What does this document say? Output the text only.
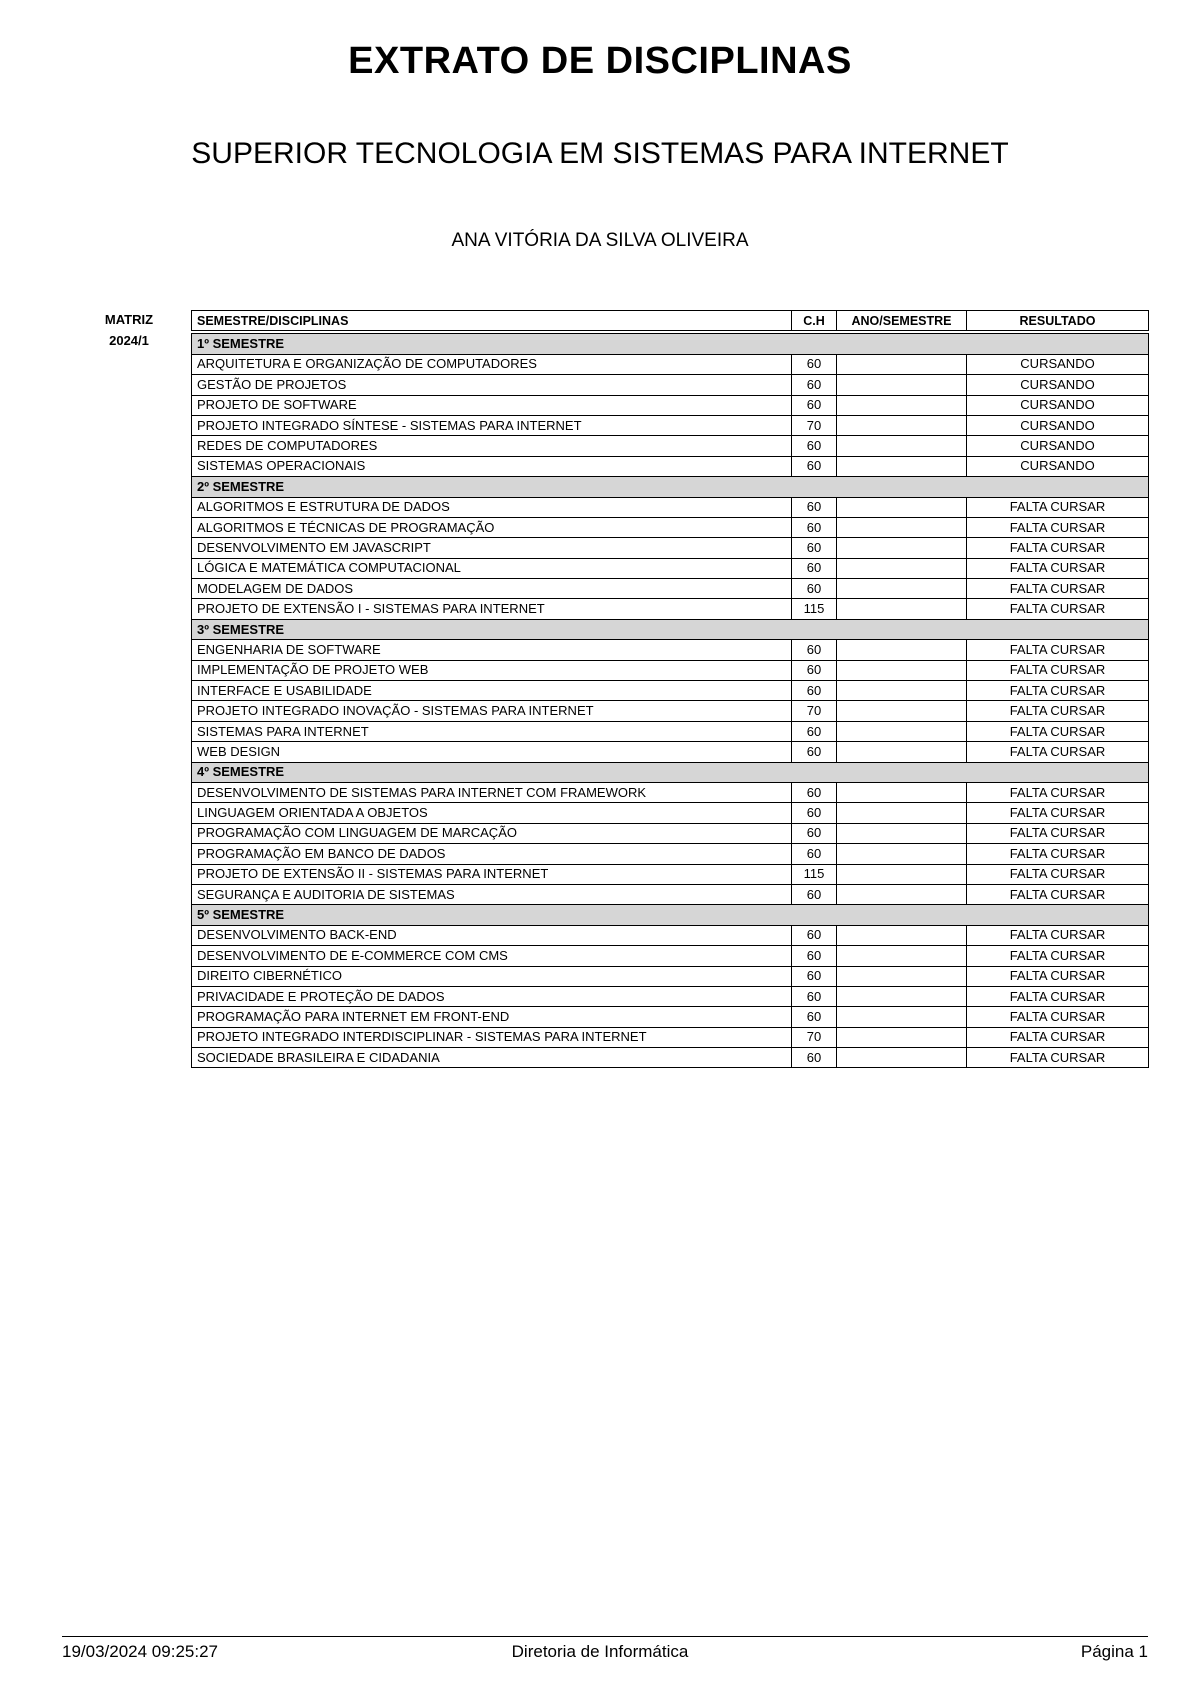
EXTRATO DE DISCIPLINAS
SUPERIOR TECNOLOGIA EM SISTEMAS PARA INTERNET
ANA VITÓRIA DA SILVA OLIVEIRA
MATRIZ
2024/1
SEMESTRE/DISCIPLINAS	C.H	ANO/SEMESTRE	RESULTADO

1º SEMESTRE			
ARQUITETURA E ORGANIZAÇÃO DE COMPUTADORES	60		CURSANDO
GESTÃO DE PROJETOS	60		CURSANDO
PROJETO DE SOFTWARE	60		CURSANDO
PROJETO INTEGRADO SÍNTESE - SISTEMAS PARA INTERNET	70		CURSANDO
REDES DE COMPUTADORES	60		CURSANDO
SISTEMAS OPERACIONAIS	60		CURSANDO
2º SEMESTRE			
ALGORITMOS E ESTRUTURA DE DADOS	60		FALTA CURSAR
ALGORITMOS E TÉCNICAS DE PROGRAMAÇÃO	60		FALTA CURSAR
DESENVOLVIMENTO EM JAVASCRIPT	60		FALTA CURSAR
LÓGICA E MATEMÁTICA COMPUTACIONAL	60		FALTA CURSAR
MODELAGEM DE DADOS	60		FALTA CURSAR
PROJETO DE EXTENSÃO I - SISTEMAS PARA INTERNET	115		FALTA CURSAR
3º SEMESTRE			
ENGENHARIA DE SOFTWARE	60		FALTA CURSAR
IMPLEMENTAÇÃO DE PROJETO WEB	60		FALTA CURSAR
INTERFACE E USABILIDADE	60		FALTA CURSAR
PROJETO INTEGRADO INOVAÇÃO - SISTEMAS PARA INTERNET	70		FALTA CURSAR
SISTEMAS PARA INTERNET	60		FALTA CURSAR
WEB DESIGN	60		FALTA CURSAR
4º SEMESTRE			
DESENVOLVIMENTO DE SISTEMAS PARA INTERNET COM FRAMEWORK	60		FALTA CURSAR
LINGUAGEM ORIENTADA A OBJETOS	60		FALTA CURSAR
PROGRAMAÇÃO COM LINGUAGEM DE MARCAÇÃO	60		FALTA CURSAR
PROGRAMAÇÃO EM BANCO DE DADOS	60		FALTA CURSAR
PROJETO DE EXTENSÃO II - SISTEMAS PARA INTERNET	115		FALTA CURSAR
SEGURANÇA E AUDITORIA DE SISTEMAS	60		FALTA CURSAR
5º SEMESTRE			
DESENVOLVIMENTO BACK-END	60		FALTA CURSAR
DESENVOLVIMENTO DE E-COMMERCE COM CMS	60		FALTA CURSAR
DIREITO CIBERNÉTICO	60		FALTA CURSAR
PRIVACIDADE E PROTEÇÃO DE DADOS	60		FALTA CURSAR
PROGRAMAÇÃO PARA INTERNET EM FRONT-END	60		FALTA CURSAR
PROJETO INTEGRADO INTERDISCIPLINAR - SISTEMAS PARA INTERNET	70		FALTA CURSAR
SOCIEDADE BRASILEIRA E CIDADANIA	60		FALTA CURSAR
19/03/2024 09:25:27	Diretoria de Informática	Página 1
